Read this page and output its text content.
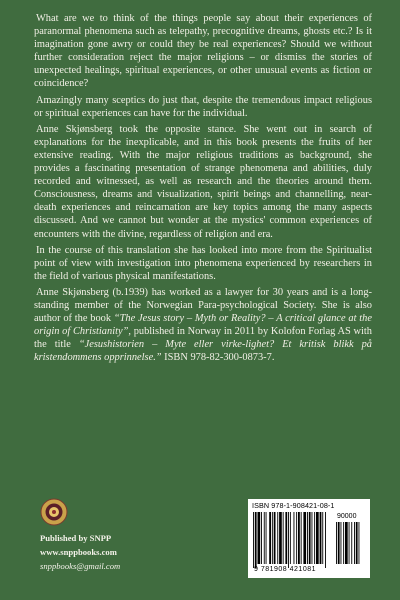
What are we to think of the things people say about their experiences of paranormal phenomena such as telepathy, precognitive dreams, ghosts etc.? Is it imagination gone awry or could they be real experiences? Should we without further consideration reject the major religions – or dismiss the stories of unexpected healings, spiritual experiences, or other unusual events as fiction or coincidence?

Amazingly many sceptics do just that, despite the tremendous impact religious or spiritual experiences can have for the individual.

Anne Skjønsberg took the opposite stance. She went out in search of explanations for the inexplicable, and in this book presents the fruits of her extensive reading. With the major religious traditions as background, she provides a fascinating presentation of strange phenomena and abilities, duly recorded and witnessed, as well as research and the theories around them. Consciousness, dreams and visualization, spirit beings and channelling, near-death experiences and reincarnation are key topics among the many aspects discussed. And we cannot but wonder at the mystics' common experiences of encounters with the divine, regardless of religion and era.

In the course of this translation she has looked into more from the Spiritualist point of view with investigation into phenomena experienced by researchers in the field of various physical manifestations.

Anne Skjønsberg (b.1939) has worked as a lawyer for 30 years and is a long-standing member of the Norwegian Para-psychological Society. She is also author of the book “The Jesus story – Myth or Reality? – A critical glance at the origin of Christianity”, published in Norway in 2011 by Kolofon Forlag AS with the title “Jesushistorien – Myte eller virke-lighet? Et kritisk blikk på kristendommens opprinnelse.” ISBN 978-82-300-0873-7.

Published by SNPP
www.snppbooks.com
snppbooks@gmail.com
ISBN 978-1-908421-08-1
90000
9 781908 421081
